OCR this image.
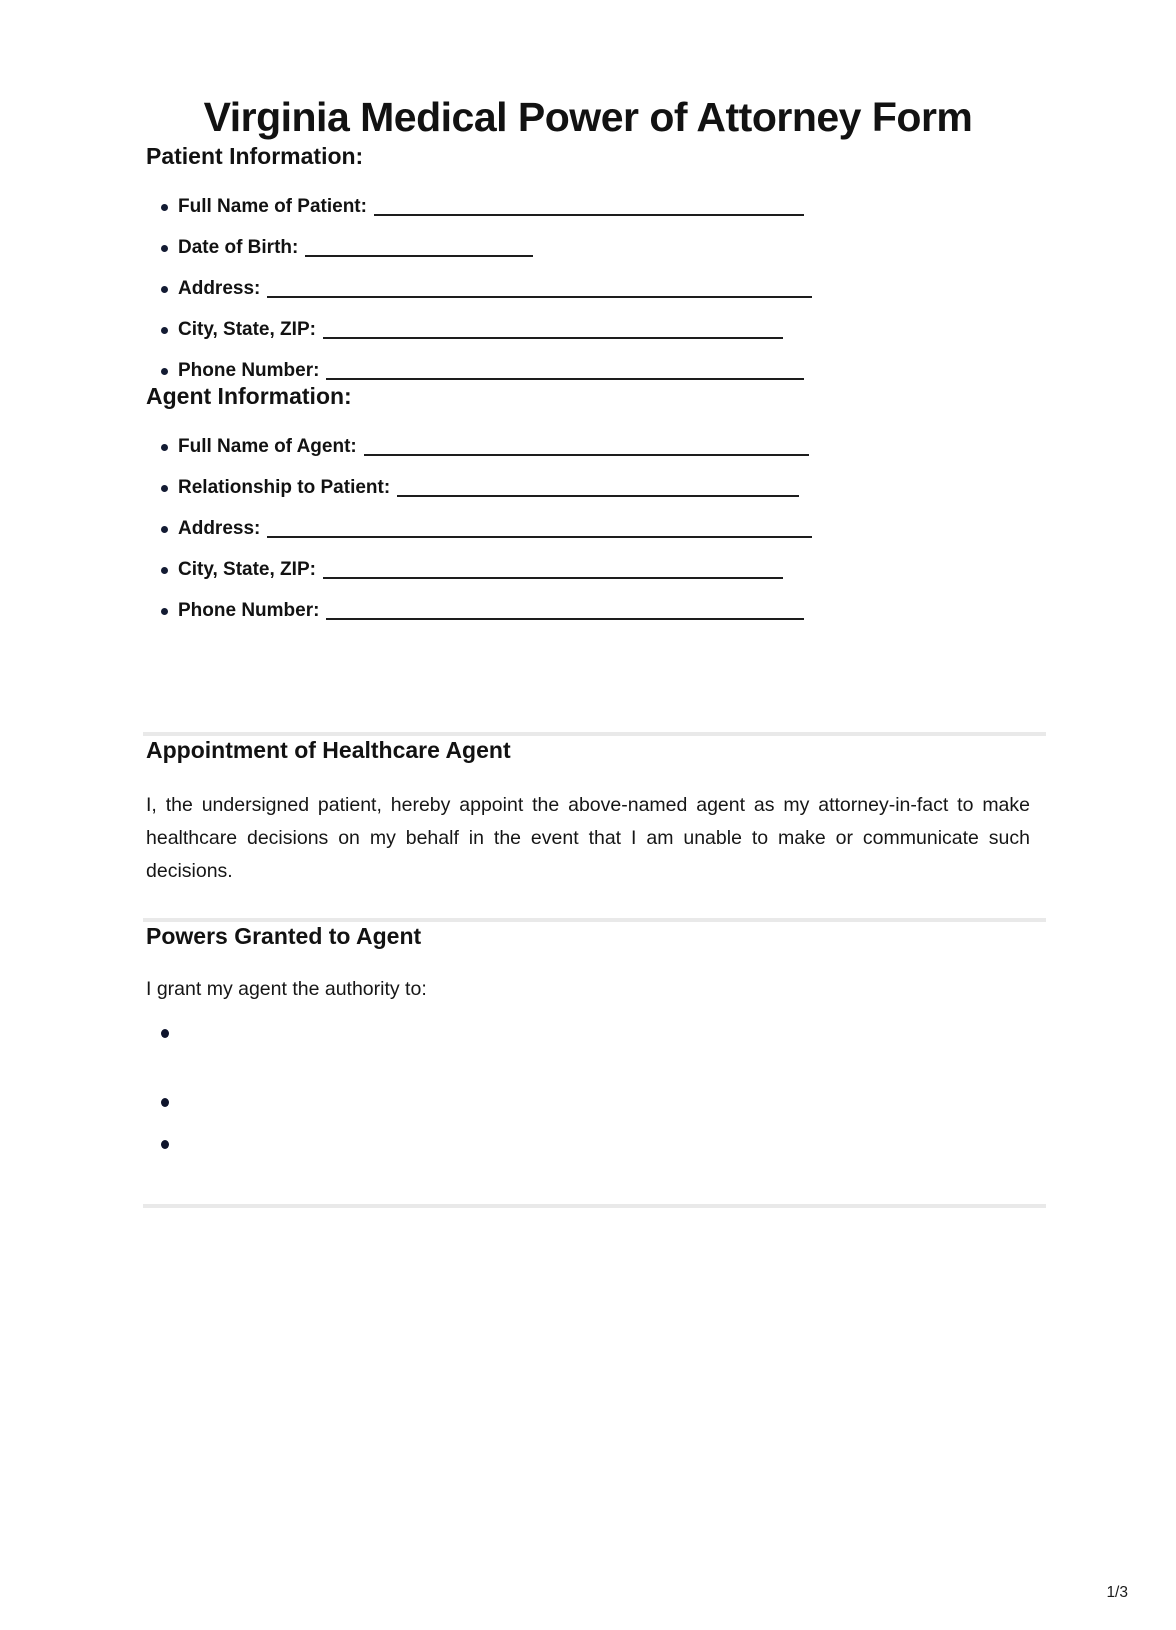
Virginia Medical Power of Attorney Form
Patient Information:
Full Name of Patient:
Date of Birth:
Address:
City, State, ZIP:
Phone Number:
Agent Information:
Full Name of Agent:
Relationship to Patient:
Address:
City, State, ZIP:
Phone Number:
Appointment of Healthcare Agent

I, the undersigned patient, hereby appoint the above-named agent as my attorney-in-fact to make healthcare decisions on my behalf in the event that I am unable to make or communicate such decisions.

Powers Granted to Agent

I grant my agent the authority to:

1/3
